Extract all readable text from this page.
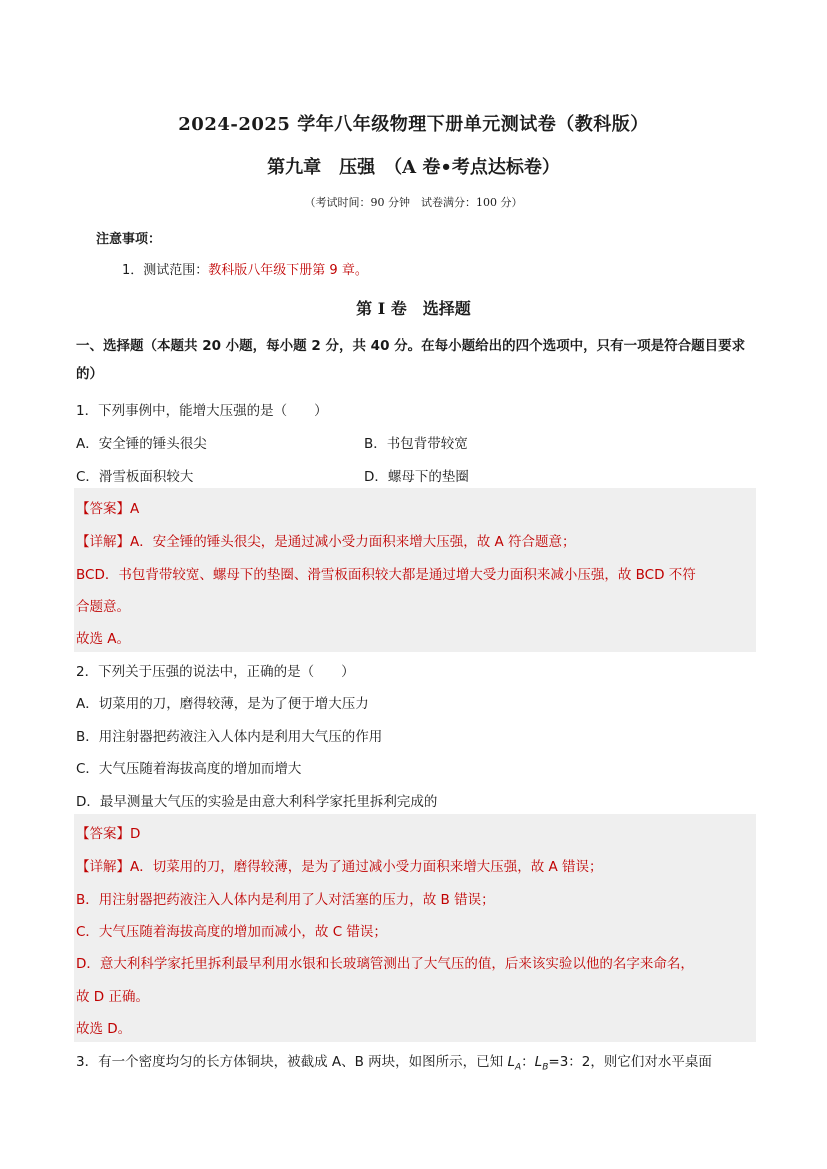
2024-2025 学年八年级物理下册单元测试卷（教科版）
第九章　压强　（A 卷•考点达标卷）
（考试时间：90 分钟　试卷满分：100 分）
注意事项：
1．测试范围：教科版八年级下册第 9 章。
第 I 卷　选择题
一、选择题（本题共 20 小题，每小题 2 分，共 40 分。在每小题给出的四个选项中，只有一项是符合题目要求的）
1．下列事例中，能增大压强的是（　　）
A．安全锤的锤头很尖	B．书包背带较宽
C．滑雪板面积较大	D．螺母下的垫圈
【答案】A
【详解】A．安全锤的锤头很尖，是通过减小受力面积来增大压强，故 A 符合题意；
BCD．书包背带较宽、螺母下的垫圈、滑雪板面积较大都是通过增大受力面积来减小压强，故 BCD 不符
合题意。
故选 A。
2．下列关于压强的说法中，正确的是（　　）
A．切菜用的刀，磨得较薄，是为了便于增大压力
B．用注射器把药液注入人体内是利用大气压的作用
C．大气压随着海拔高度的增加而增大
D．最早测量大气压的实验是由意大利科学家托里拆利完成的
【答案】D
【详解】A．切菜用的刀，磨得较薄，是为了通过减小受力面积来增大压强，故 A 错误；
B．用注射器把药液注入人体内是利用了人对活塞的压力，故 B 错误；
C．大气压随着海拔高度的增加而减小，故 C 错误；
D．意大利科学家托里拆利最早利用水银和长玻璃管测出了大气压的值，后来该实验以他的名字来命名，
故 D 正确。
故选 D。
3．有一个密度均匀的长方体铜块，被截成 A、B 两块，如图所示，已知 $L_A$：$L_B=3$：2，则它们对水平桌面
